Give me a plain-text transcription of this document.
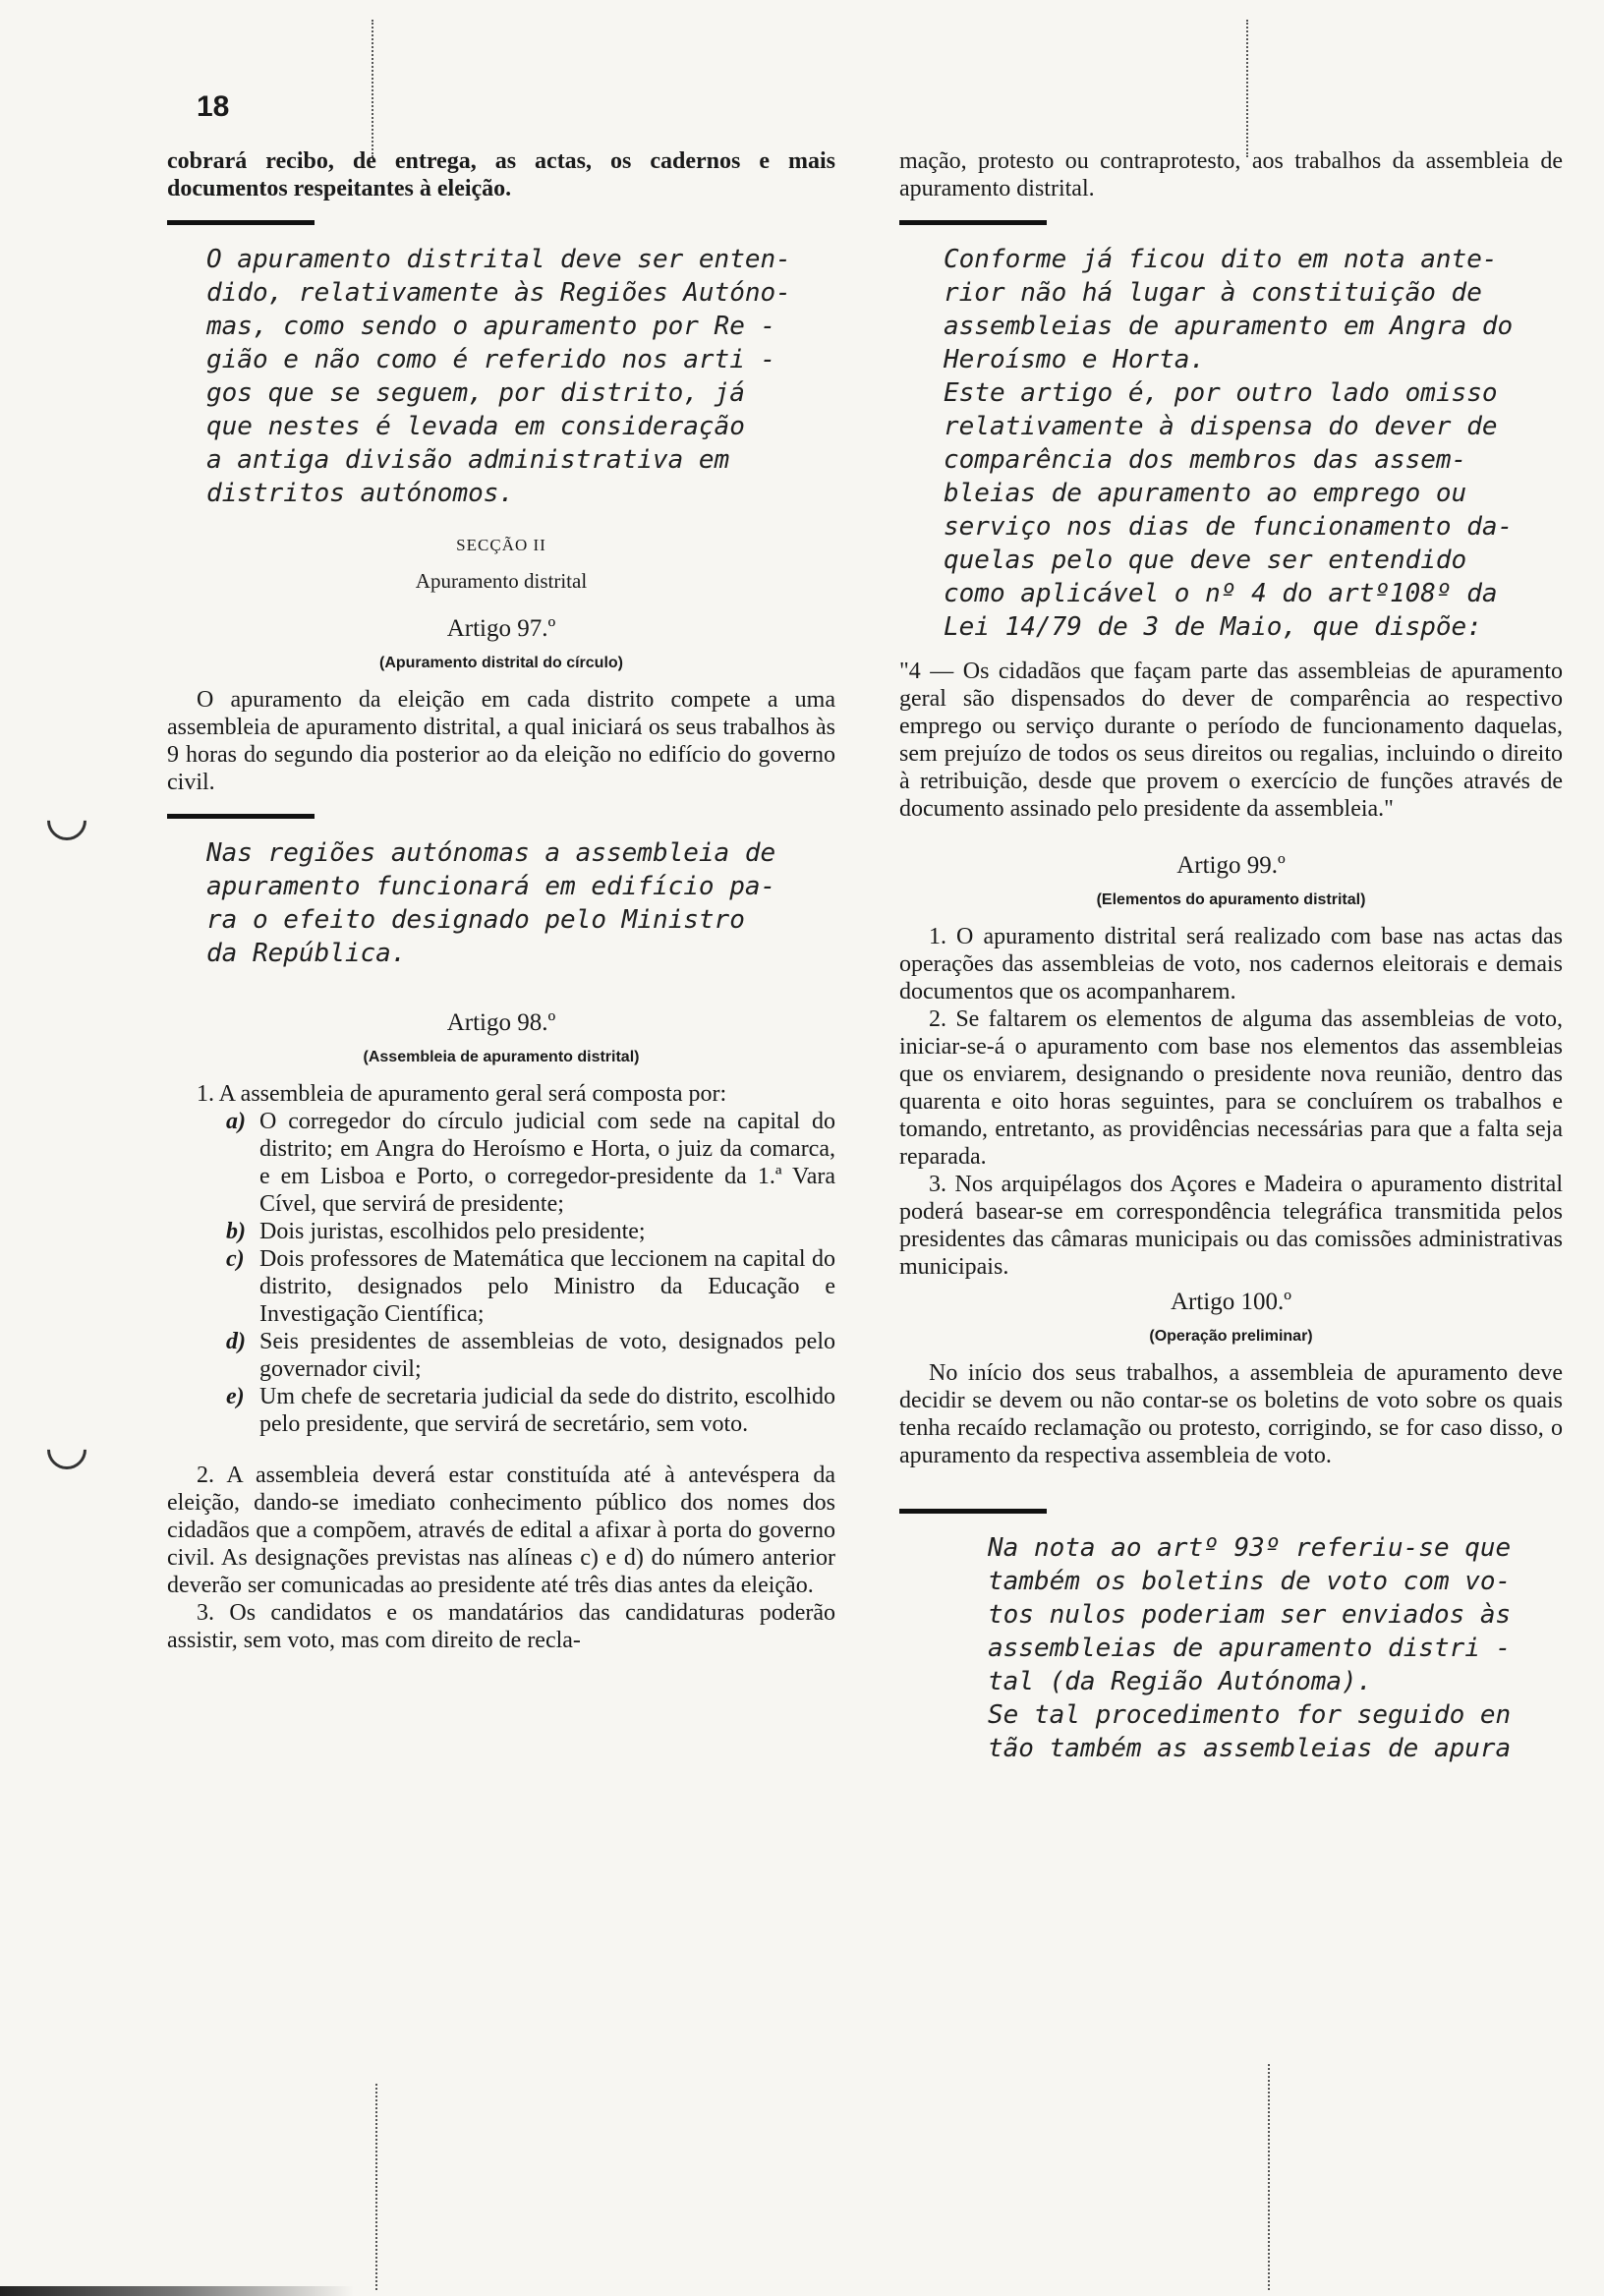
18

cobrará recibo, de entrega, as actas, os cadernos e mais documentos respeitantes à eleição.

O apuramento distrital deve ser enten-
dido, relativamente às Regiões Autóno-
mas, como sendo o apuramento por Re -
gião e não como é referido nos arti -
gos que se seguem, por distrito, já
que nestes é levada em consideração
a antiga divisão administrativa em
distritos autónomos.

SECÇÃO II
Apuramento distrital
Artigo 97.º
(Apuramento distrital do círculo)

O apuramento da eleição em cada distrito compete a uma assembleia de apuramento distrital, a qual iniciará os seus trabalhos às 9 horas do segundo dia posterior ao da eleição no edifício do governo civil.

Nas regiões autónomas a assembleia de
apuramento funcionará em edifício pa-
ra o efeito designado pelo Ministro
da República.

Artigo 98.º
(Assembleia de apuramento distrital)

1. A assembleia de apuramento geral será composta por:

a) O corregedor do círculo judicial com sede na capital do distrito; em Angra do Heroísmo e Horta, o juiz da comarca, e em Lisboa e Porto, o corregedor-presidente da 1.ª Vara Cível, que servirá de presidente;
b) Dois juristas, escolhidos pelo presidente;
c) Dois professores de Matemática que leccionem na capital do distrito, designados pelo Ministro da Educação e Investigação Científica;
d) Seis presidentes de assembleias de voto, designados pelo governador civil;
e) Um chefe de secretaria judicial da sede do distrito, escolhido pelo presidente, que servirá de secretário, sem voto.

2. A assembleia deverá estar constituída até à antevéspera da eleição, dando-se imediato conhecimento público dos nomes dos cidadãos que a compõem, através de edital a afixar à porta do governo civil. As designações previstas nas alíneas c) e d) do número anterior deverão ser comunicadas ao presidente até três dias antes da eleição.

3. Os candidatos e os mandatários das candidaturas poderão assistir, sem voto, mas com direito de recla-

mação, protesto ou contraprotesto, aos trabalhos da assembleia de apuramento distrital.

Conforme já ficou dito em nota ante-
rior não há lugar à constituição de
assembleias de apuramento em Angra do
Heroísmo e Horta.
Este artigo é, por outro lado omisso
relativamente à dispensa do dever de
comparência dos membros das assem-
bleias de apuramento ao emprego ou
serviço nos dias de funcionamento da-
quelas pelo que deve ser entendido
como aplicável o nº 4 do artº108º da
Lei 14/79 de 3 de Maio, que dispõe:

"4 — Os cidadãos que façam parte das assembleias de apuramento geral são dispensados do dever de comparência ao respectivo emprego ou serviço durante o período de funcionamento daquelas, sem prejuízo de todos os seus direitos ou regalias, incluindo o direito à retribuição, desde que provem o exercício de funções através de documento assinado pelo presidente da assembleia."

Artigo 99.º
(Elementos do apuramento distrital)

1. O apuramento distrital será realizado com base nas actas das operações das assembleias de voto, nos cadernos eleitorais e demais documentos que os acompanharem.

2. Se faltarem os elementos de alguma das assembleias de voto, iniciar-se-á o apuramento com base nos elementos das assembleias que os enviarem, designando o presidente nova reunião, dentro das quarenta e oito horas seguintes, para se concluírem os trabalhos e tomando, entretanto, as providências necessárias para que a falta seja reparada.

3. Nos arquipélagos dos Açores e Madeira o apuramento distrital poderá basear-se em correspondência telegráfica transmitida pelos presidentes das câmaras municipais ou das comissões administrativas municipais.

Artigo 100.º
(Operação preliminar)

No início dos seus trabalhos, a assembleia de apuramento deve decidir se devem ou não contar-se os boletins de voto sobre os quais tenha recaído reclamação ou protesto, corrigindo, se for caso disso, o apuramento da respectiva assembleia de voto.

Na nota ao artº 93º referiu-se que
também os boletins de voto com vo-
tos nulos poderiam ser enviados às
assembleias de apuramento distri -
tal (da Região Autónoma).
Se tal procedimento for seguido en
tão também as assembleias de apura
